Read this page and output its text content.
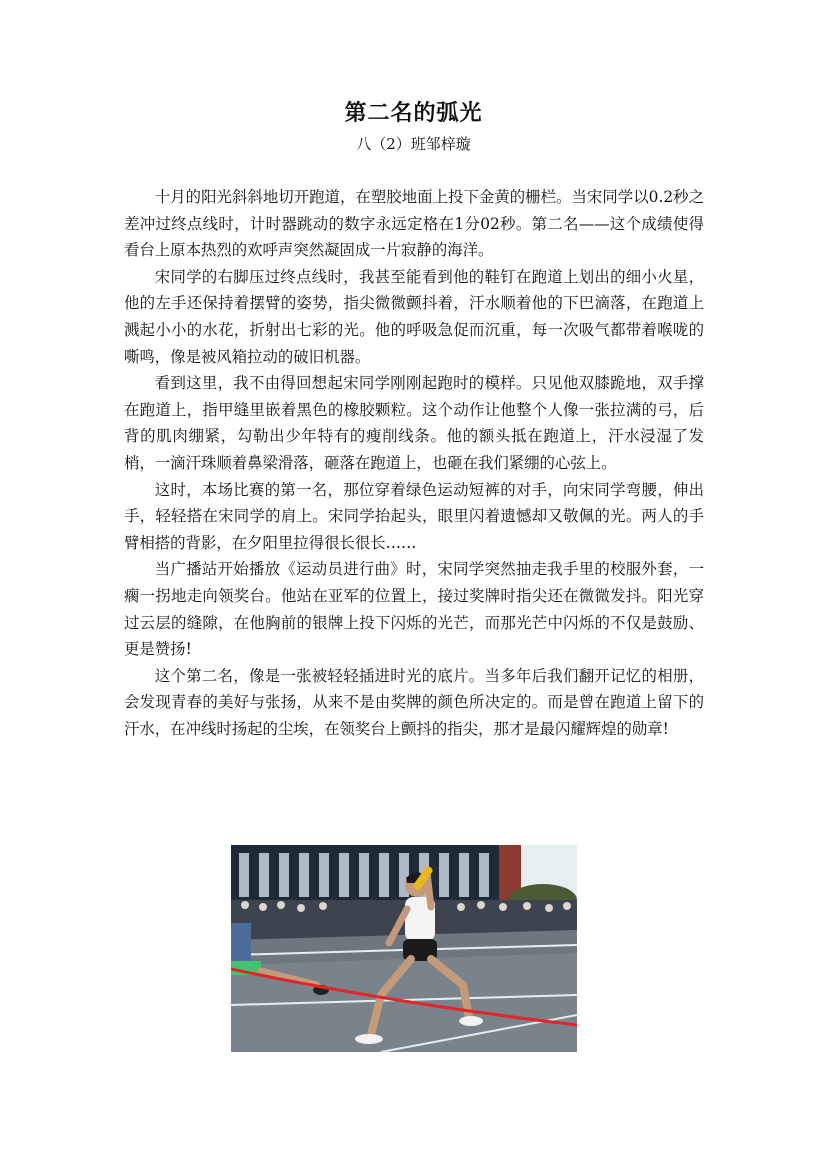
第二名的弧光
八（2）班邹梓璇

十月的阳光斜斜地切开跑道，在塑胶地面上投下金黄的栅栏。当宋同学以0.2秒之差冲过终点线时，计时器跳动的数字永远定格在1分02秒。第二名——这个成绩使得看台上原本热烈的欢呼声突然凝固成一片寂静的海洋。

宋同学的右脚压过终点线时，我甚至能看到他的鞋钉在跑道上划出的细小火星，他的左手还保持着摆臂的姿势，指尖微微颤抖着，汗水顺着他的下巴滴落，在跑道上溅起小小的水花，折射出七彩的光。他的呼吸急促而沉重，每一次吸气都带着喉咙的嘶鸣，像是被风箱拉动的破旧机器。

看到这里，我不由得回想起宋同学刚刚起跑时的模样。只见他双膝跪地，双手撑在跑道上，指甲缝里嵌着黑色的橡胶颗粒。这个动作让他整个人像一张拉满的弓，后背的肌肉绷紧，勾勒出少年特有的瘦削线条。他的额头抵在跑道上，汗水浸湿了发梢，一滴汗珠顺着鼻梁滑落，砸落在跑道上，也砸在我们紧绷的心弦上。

这时，本场比赛的第一名，那位穿着绿色运动短裤的对手，向宋同学弯腰，伸出手，轻轻搭在宋同学的肩上。宋同学抬起头，眼里闪着遗憾却又敬佩的光。两人的手臂相搭的背影，在夕阳里拉得很长很长……

当广播站开始播放《运动员进行曲》时，宋同学突然抽走我手里的校服外套，一瘸一拐地走向领奖台。他站在亚军的位置上，接过奖牌时指尖还在微微发抖。阳光穿过云层的缝隙，在他胸前的银牌上投下闪烁的光芒，而那光芒中闪烁的不仅是鼓励、更是赞扬!

这个第二名，像是一张被轻轻插进时光的底片。当多年后我们翻开记忆的相册，会发现青春的美好与张扬，从来不是由奖牌的颜色所决定的。而是曾在跑道上留下的汗水，在冲线时扬起的尘埃，在领奖台上颤抖的指尖，那才是最闪耀辉煌的勋章!
